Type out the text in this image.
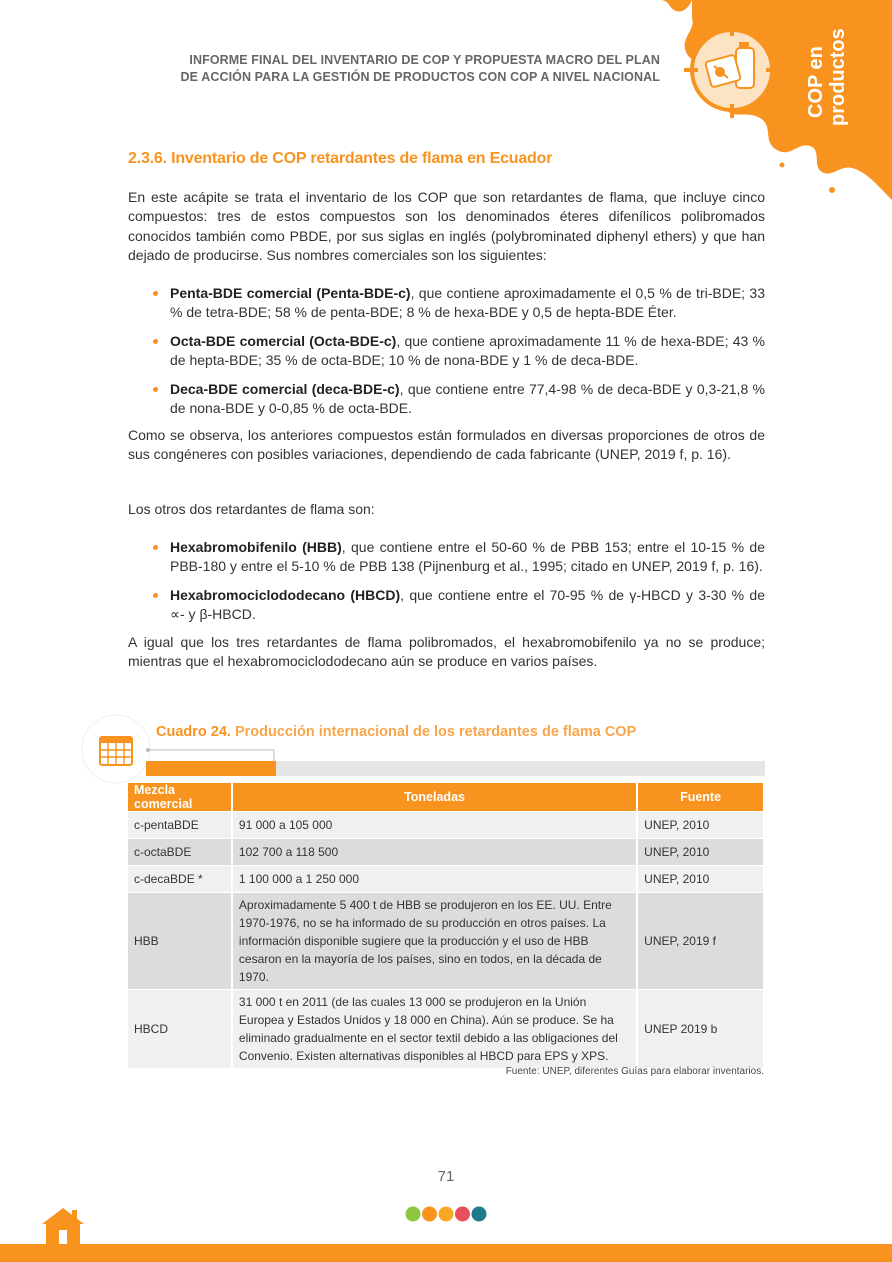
COP en productos
INFORME FINAL DEL INVENTARIO DE COP Y PROPUESTA MACRO DEL PLAN
DE ACCIÓN PARA LA GESTIÓN DE PRODUCTOS CON COP A NIVEL NACIONAL
2.3.6. Inventario de COP retardantes de flama en Ecuador

En este acápite se trata el inventario de los COP que son retardantes de flama, que incluye cinco compuestos: tres de estos compuestos son los denominados éteres difenílicos polibromados conocidos también como PBDE, por sus siglas en inglés (polybrominated diphenyl ethers) y que han dejado de producirse. Sus nombres comerciales son los siguientes:

Penta-BDE comercial (Penta-BDE-c), que contiene aproximadamente el 0,5 % de tri-BDE; 33 % de tetra-BDE; 58 % de penta-BDE; 8 % de hexa-BDE y 0,5 de hepta-BDE Éter.
Octa-BDE comercial (Octa-BDE-c), que contiene aproximadamente 11 % de hexa-BDE; 43 % de hepta-BDE; 35 % de octa-BDE; 10 % de nona-BDE y 1 % de deca-BDE.
Deca-BDE comercial (deca-BDE-c), que contiene entre 77,4-98 % de deca-BDE y 0,3-21,8 % de nona-BDE y 0-0,85 % de octa-BDE.

Como se observa, los anteriores compuestos están formulados en diversas proporciones de otros de sus congéneres con posibles variaciones, dependiendo de cada fabricante (UNEP, 2019 f, p. 16).

Los otros dos retardantes de flama son:

Hexabromobifenilo (HBB), que contiene entre el 50-60 % de PBB 153; entre el 10-15 % de PBB-180 y entre el 5-10 % de PBB 138 (Pijnenburg et al., 1995; citado en UNEP, 2019 f, p. 16).
Hexabromociclododecano (HBCD), que contiene entre el 70-95 % de γ-HBCD y 3-30 % de ∝- y β-HBCD.

A igual que los tres retardantes de flama polibromados, el hexabromobifenilo ya no se produce; mientras que el hexabromociclododecano aún se produce en varios países.

Cuadro 24. Producción internacional de los retardantes de flama COP
Mezcla comercial	Toneladas	Fuente
c-pentaBDE	91 000 a 105 000	UNEP, 2010
c-octaBDE	102 700 a 118 500	UNEP, 2010
c-decaBDE *	1 100 000 a 1 250 000	UNEP, 2010
HBB	Aproximadamente 5 400 t de HBB se produjeron en los EE. UU. Entre 1970-1976, no se ha informado de su producción en otros países. La información disponible sugiere que la producción y el uso de HBB cesaron en la mayoría de los países, sino en todos, en la década de 1970.	UNEP, 2019 f
HBCD	31 000 t en 2011 (de las cuales 13 000 se produjeron en la Unión Europea y Estados Unidos y 18 000 en China). Aún se produce. Se ha eliminado gradualmente en el sector textil debido a las obligaciones del Convenio. Existen alternativas disponibles al HBCD para EPS y XPS.	UNEP 2019 b
Fuente: UNEP, diferentes Guías para elaborar inventarios.
71
